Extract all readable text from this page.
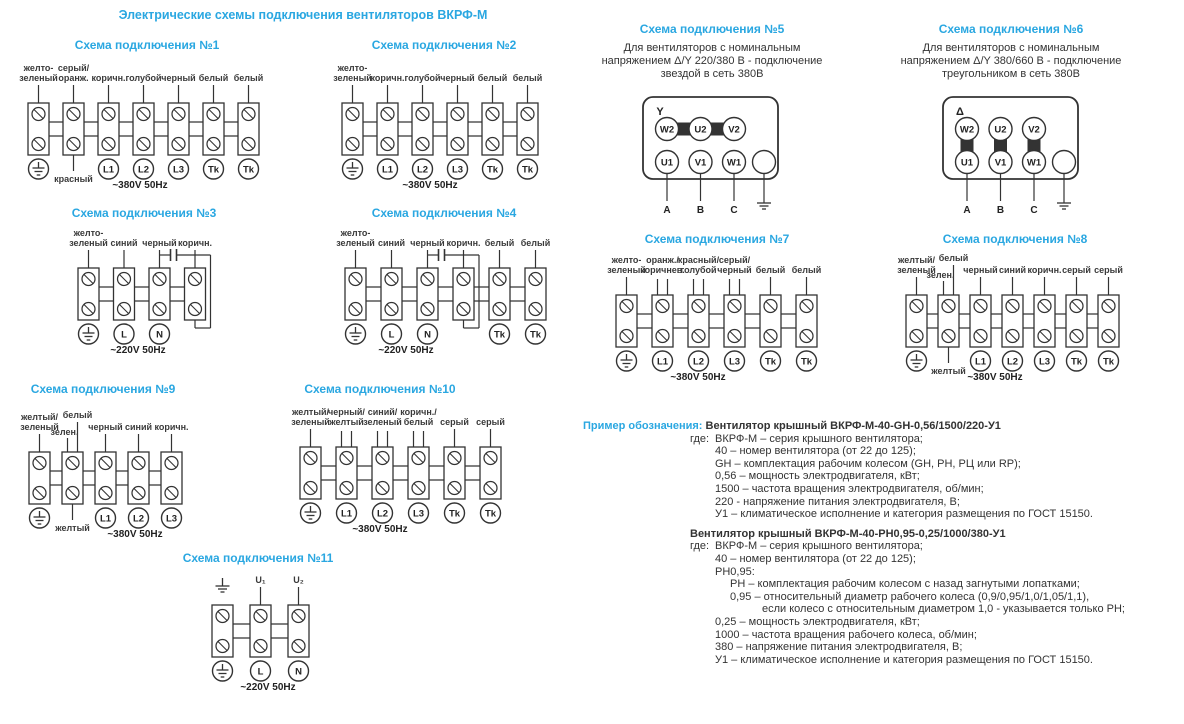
желто-
зеленый
серый/
оранж.
красный
коричн.
L1
голубой
L2
черный
L3
белый
Tk
белый
Tk
~380V 50Hz
желто-
зеленый
коричн.
L1
голубой
L2
черный
L3
белый
Tk
белый
Tk
~380V 50Hz
желто-
зеленый синий
L
черный
N
коричн.
~220V 50Hz
желто-
зеленый синий
L
черный
N
коричн. белый
Tk
белый
Tk
~220V 50Hz
Y
W2 U2 V2
U1
A
V1
B
W1
C
Δ
W2 U2 V2
U1
A
V1
B
W1
C
желто-
зеленый
оранж./
коричнев.
L1
красный/
голубой
L2
серый/
черный
L3
белый
Tk
белый
Tk
~380V 50Hz
желтый/
зеленый
зелен.
белый
желтый
черный
L1
синий
L2
коричн.
L3
серый
Tk
серый
Tk
~380V 50Hz
желтый/
зеленый
зелен.
белый
желтый
черный
L1
синий
L2
коричн.
L3
~380V 50Hz
желтый/
зеленый
черный/
желтый
L1
синий/
зеленый
L2
коричн./
белый
L3
серый
Tk
серый
Tk
~380V 50Hz
U₁
L
U₂
N
~220V 50Hz
Электрические схемы подключения вентиляторов ВКРФ-М
Схема подключения №1	Схема подключения №2
Схема подключения №3	Схема подключения №4
Схема подключения №5	Схема подключения №6
Схема подключения №7	Схема подключения №8
Схема подключения №9	Схема подключения №10
Схема подключения №11
Для вентиляторов с номинальным
напряжением Δ/Y 220/380 В - подключение
звездой в сеть 380В
Для вентиляторов с номинальным
напряжением Δ/Y 380/660 В - подключение
треугольником в сеть 380В
Пример обозначения: Вентилятор крышный ВКРФ-М-40-GH-0,56/1500/220-У1
где: ВКРФ-М – серия крышного вентилятора;
40 – номер вентилятора (от 22 до 125);
GH – комплектация рабочим колесом (GH, PH, РЦ или RP);
0,56 – мощность электродвигателя, кВт;
1500 – частота вращения электродвигателя, об/мин;
220 - напряжение питания электродвигателя, В;
У1 – климатическое исполнение и категория размещения по ГОСТ 15150.
Вентилятор крышный ВКРФ-М-40-РН0,95-0,25/1000/380-У1
где: ВКРФ-М – серия крышного вентилятора;
40 – номер вентилятора (от 22 до 125);
РН0,95:
РН – комплектация рабочим колесом с назад загнутыми лопатками;
0,95 – относительный диаметр рабочего колеса (0,9/0,95/1,0/1,05/1,1),
если колесо с относительным диаметром 1,0 - указывается только РН;
0,25 – мощность электродвигателя, кВт;
1000 – частота вращения рабочего колеса, об/мин;
380 – напряжение питания электродвигателя, В;
У1 – климатическое исполнение и категория размещения по ГОСТ 15150.
